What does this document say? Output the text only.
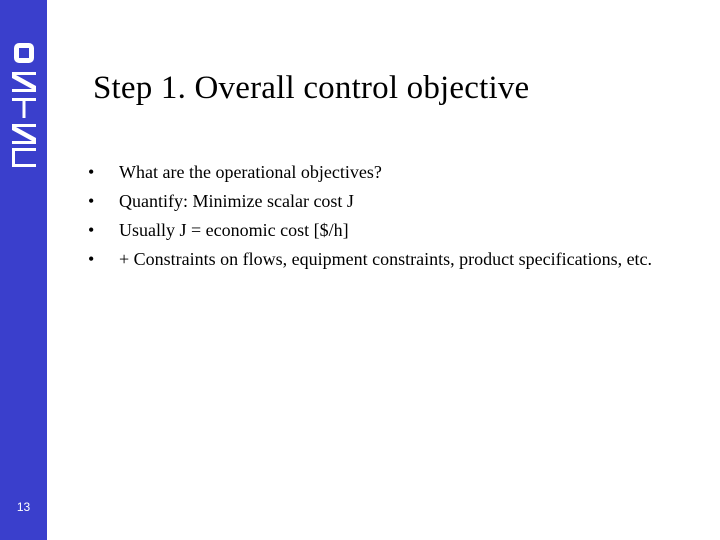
13
Step 1. Overall control objective
• What are the operational objectives?
• Quantify: Minimize scalar cost J
• Usually J = economic cost [$/h]
• + Constraints on flows, equipment constraints, product specifications, etc.
